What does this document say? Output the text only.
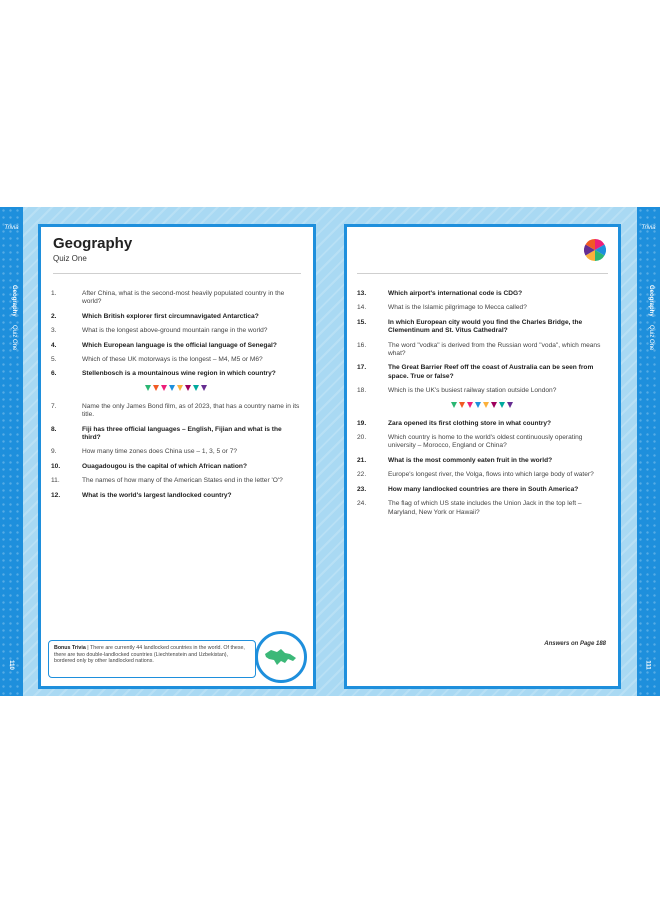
Trivia
Geography
Quiz One
110
Trivia
Geography
Quiz One
111
Geography
Quiz One
1.	After China, what is the second-most heavily populated country in the world?
2.	Which British explorer first circumnavigated Antarctica?
3.	What is the longest above-ground mountain range in the world?
4.	Which European language is the official language of Senegal?
5.	Which of these UK motorways is the longest – M4, M5 or M6?
6.	Stellenbosch is a mountainous wine region in which country?
7.	Name the only James Bond film, as of 2023, that has a country name in its title.
8.	Fiji has three official languages – English, Fijian and what is the third?
9.	How many time zones does China use – 1, 3, 5 or 7?
10.	Ouagadougou is the capital of which African nation?
11.	The names of how many of the American States end in the letter 'O'?
12.	What is the world's largest landlocked country?
Bonus Trivia | There are currently 44 landlocked countries in the world. Of these, there are two double-landlocked countries (Liechtenstein and Uzbekistan), bordered only by other landlocked nations.
13.	Which airport's international code is CDG?
14.	What is the Islamic pilgrimage to Mecca called?
15.	In which European city would you find the Charles Bridge, the Clementinum and St. Vitus Cathedral?
16.	The word "vodka" is derived from the Russian word "voda", which means what?
17.	The Great Barrier Reef off the coast of Australia can be seen from space. True or false?
18.	Which is the UK's busiest railway station outside London?
19.	Zara opened its first clothing store in what country?
20.	Which country is home to the world's oldest continuously operating university – Morocco, England or China?
21.	What is the most commonly eaten fruit in the world?
22.	Europe's longest river, the Volga, flows into which large body of water?
23.	How many landlocked countries are there in South America?
24.	The flag of which US state includes the Union Jack in the top left – Maryland, New York or Hawaii?
Answers on Page 188
